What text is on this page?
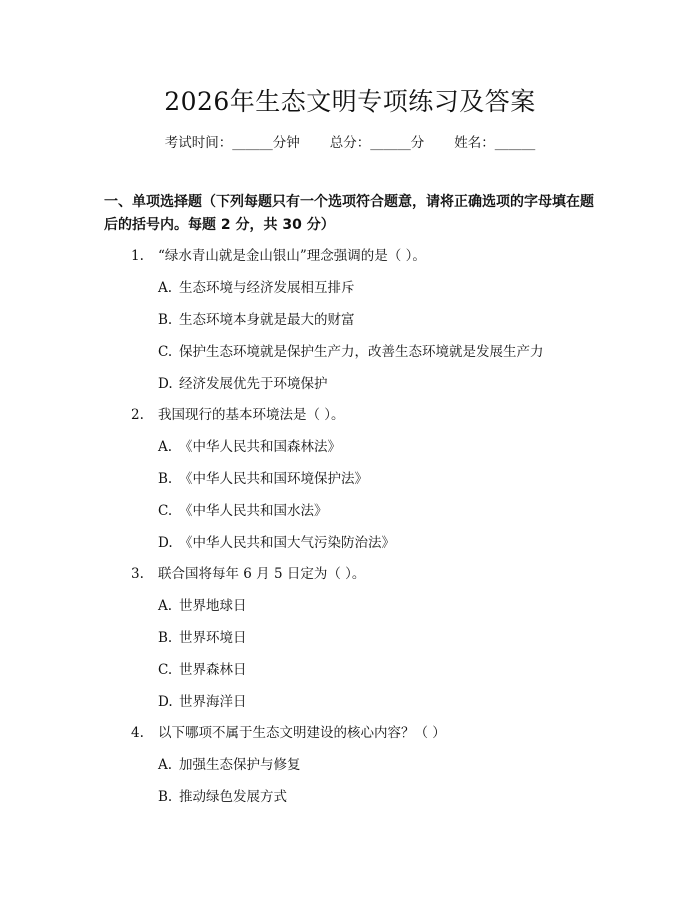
2026年生态文明专项练习及答案
考试时间：______分钟 总分：______分 姓名：______
一、单项选择题（下列每题只有一个选项符合题意，请将正确选项的字母填在题后的括号内。每题 2 分，共 30 分）
1. “绿水青山就是金山银山”理念强调的是（ ）。
A. 生态环境与经济发展相互排斥
B. 生态环境本身就是最大的财富
C. 保护生态环境就是保护生产力，改善生态环境就是发展生产力
D. 经济发展优先于环境保护
2. 我国现行的基本环境法是（ ）。
A. 《中华人民共和国森林法》
B. 《中华人民共和国环境保护法》
C. 《中华人民共和国水法》
D. 《中华人民共和国大气污染防治法》
3. 联合国将每年 6 月 5 日定为（ ）。
A. 世界地球日
B. 世界环境日
C. 世界森林日
D. 世界海洋日
4. 以下哪项不属于生态文明建设的核心内容？（ ）
A. 加强生态保护与修复
B. 推动绿色发展方式
